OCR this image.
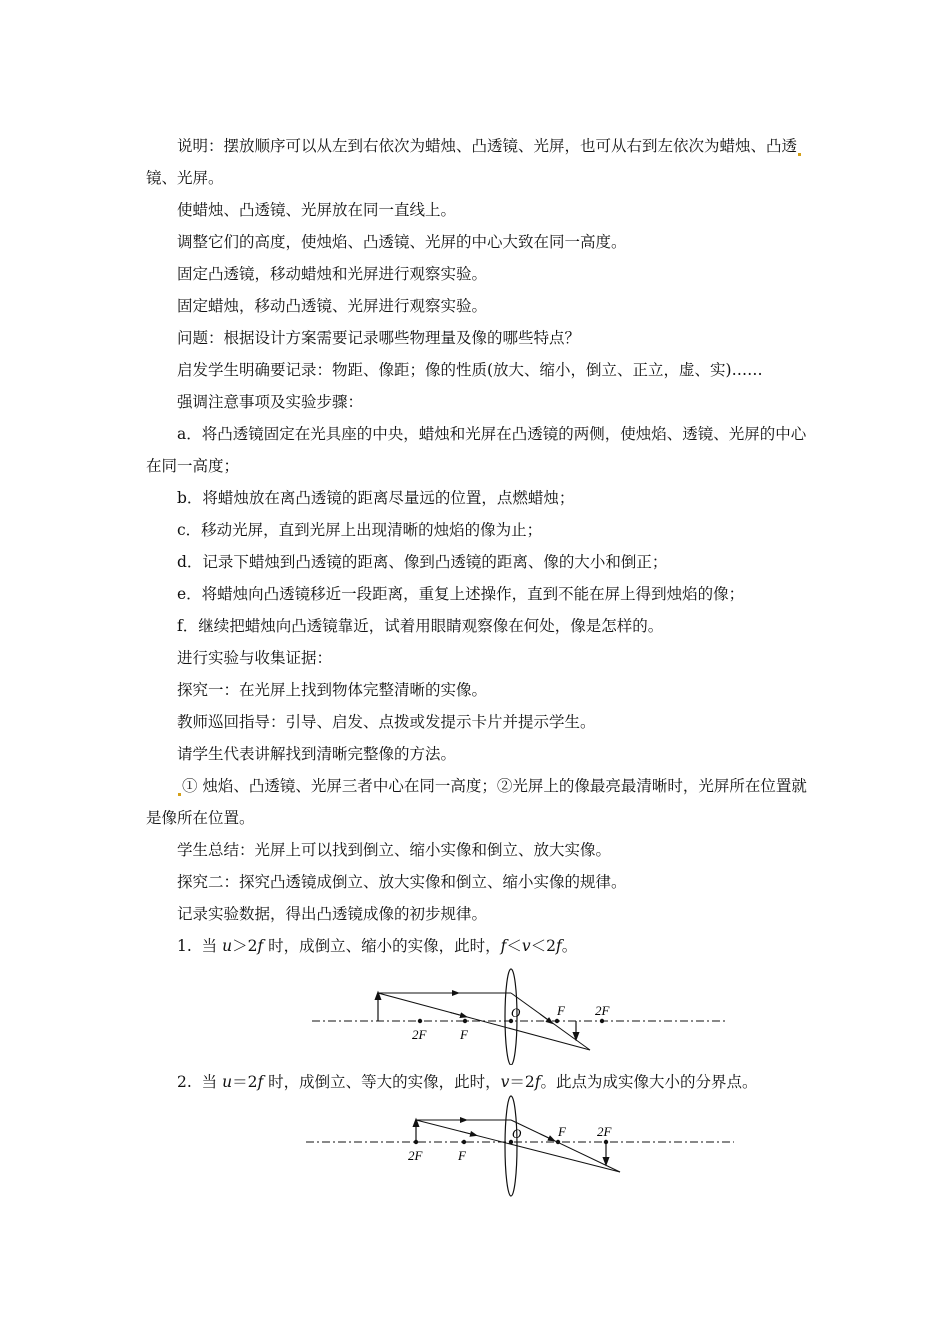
说明：摆放顺序可以从左到右依次为蜡烛、凸透镜、光屏，也可从右到左依次为蜡烛、凸透
镜、光屏。
使蜡烛、凸透镜、光屏放在同一直线上。
调整它们的高度，使烛焰、凸透镜、光屏的中心大致在同一高度。
固定凸透镜，移动蜡烛和光屏进行观察实验。
固定蜡烛，移动凸透镜、光屏进行观察实验。
问题：根据设计方案需要记录哪些物理量及像的哪些特点？
启发学生明确要记录：物距、像距；像的性质(放大、缩小，倒立、正立，虚、实)……
强调注意事项及实验步骤：
a．将凸透镜固定在光具座的中央，蜡烛和光屏在凸透镜的两侧，使烛焰、透镜、光屏的中心
在同一高度；
b．将蜡烛放在离凸透镜的距离尽量远的位置，点燃蜡烛；
c．移动光屏，直到光屏上出现清晰的烛焰的像为止；
d．记录下蜡烛到凸透镜的距离、像到凸透镜的距离、像的大小和倒正；
e．将蜡烛向凸透镜移近一段距离，重复上述操作，直到不能在屏上得到烛焰的像；
f．继续把蜡烛向凸透镜靠近，试着用眼睛观察像在何处，像是怎样的。
进行实验与收集证据：
探究一：在光屏上找到物体完整清晰的实像。
教师巡回指导：引导、启发、点拨或发提示卡片并提示学生。
请学生代表讲解找到清晰完整像的方法。
① 烛焰、凸透镜、光屏三者中心在同一高度；②光屏上的像最亮最清晰时，光屏所在位置就
是像所在位置。
学生总结：光屏上可以找到倒立、缩小实像和倒立、放大实像。
探究二：探究凸透镜成倒立、放大实像和倒立、缩小实像的规律。
记录实验数据，得出凸透镜成像的初步规律。
1. 当 u＞2f 时，成倒立、缩小的实像，此时，f＜v＜2f。
2F	F
O	F 2F
2. 当 u＝2f 时，成倒立、等大的实像，此时，v＝2f。此点为成实像大小的分界点。
2F	F
O	F 2F
